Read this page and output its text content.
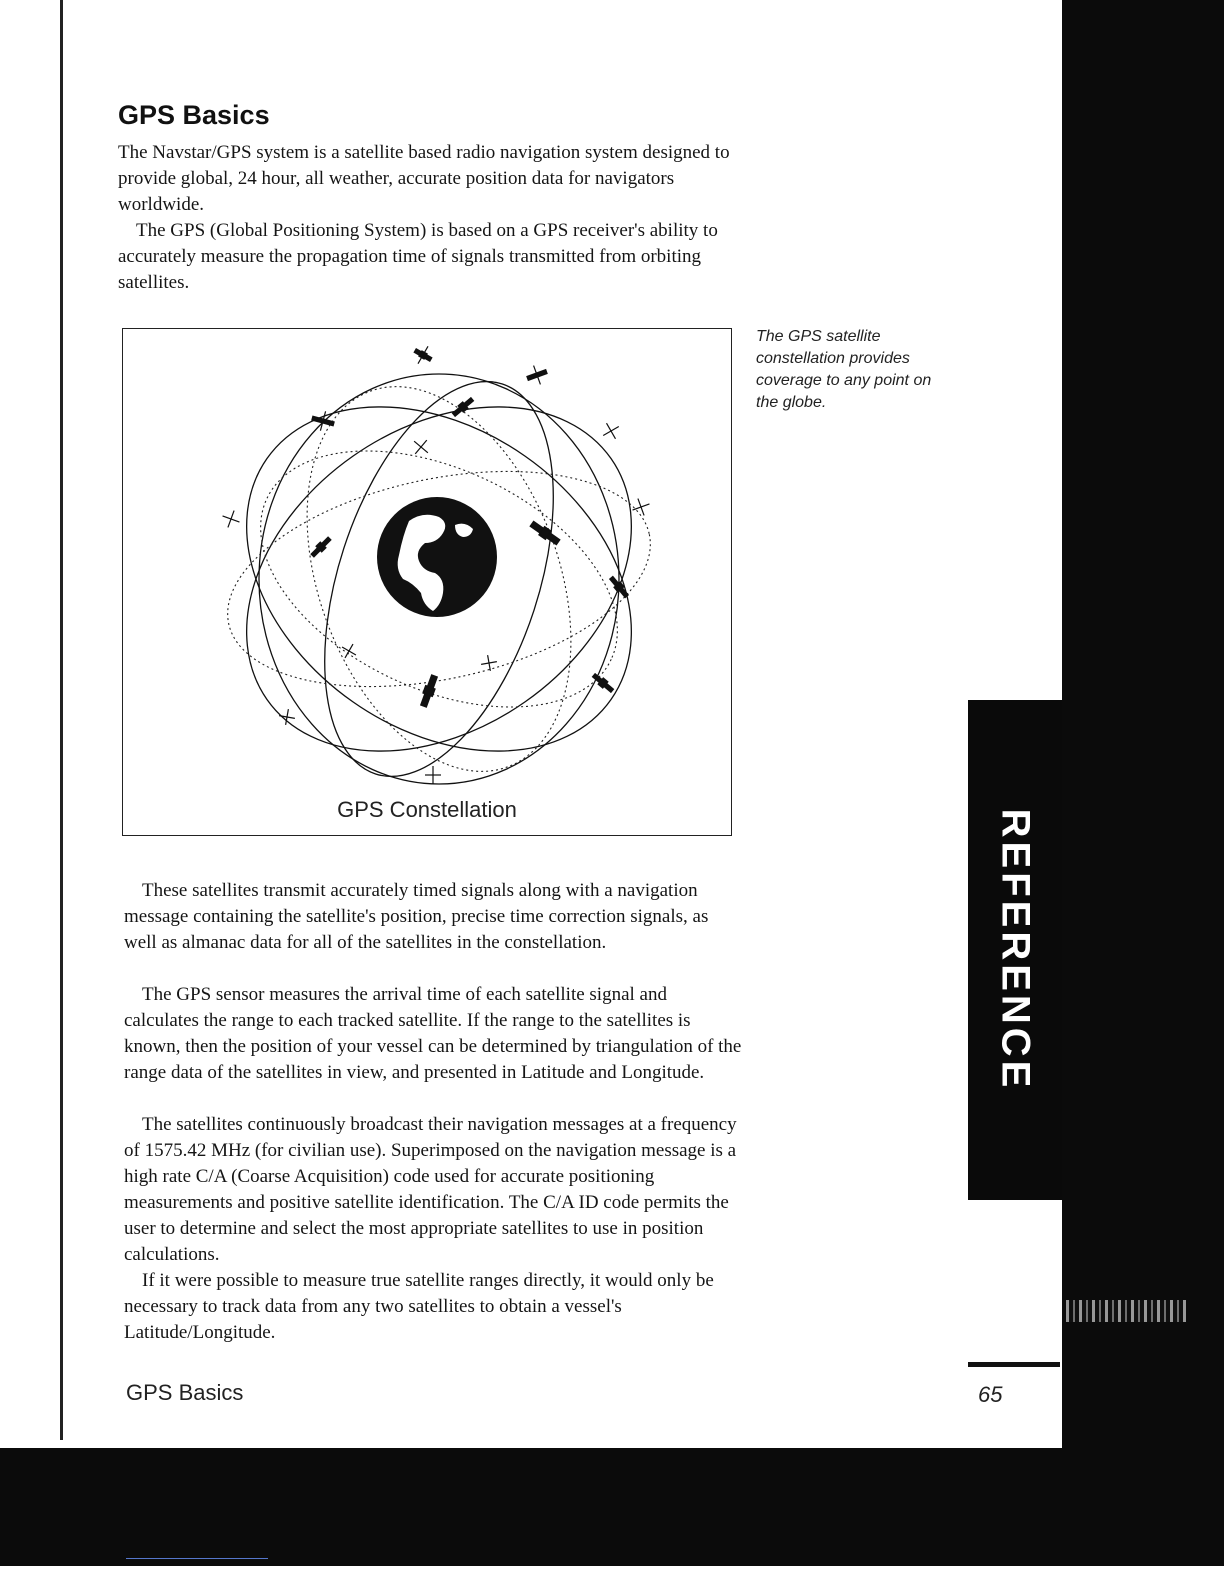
GPS Basics

The Navstar/GPS system is a satellite based radio navigation system designed to provide global, 24 hour, all weather, accurate position data for navigators worldwide.

The GPS (Global Positioning System) is based on a GPS receiver's ability to accurately measure the propagation time of signals transmitted from orbiting satellites.

GPS Constellation

The GPS satellite constellation provides coverage to any point on the globe.

These satellites transmit accurately timed signals along with a navigation message containing the satellite's position, precise time correction signals, as well as almanac data for all of the satellites in the constellation.

The GPS sensor measures the arrival time of each satellite signal and calculates the range to each tracked satellite. If the range to the satellites is known, then the position of your vessel can be determined by triangulation of the range data of the satellites in view, and presented in Latitude and Longitude.

The satellites continuously broadcast their navigation messages at a frequency of 1575.42 MHz (for civilian use). Superimposed on the navigation message is a high rate C/A (Coarse Acquisition) code used for accurate positioning measurements and positive satellite identification. The C/A ID code permits the user to determine and select the most appropriate satellites to use in position calculations.

If it were possible to measure true satellite ranges directly, it would only be necessary to track data from any two satellites to obtain a vessel's Latitude/Longitude.

REFERENCE

GPS Basics	65
